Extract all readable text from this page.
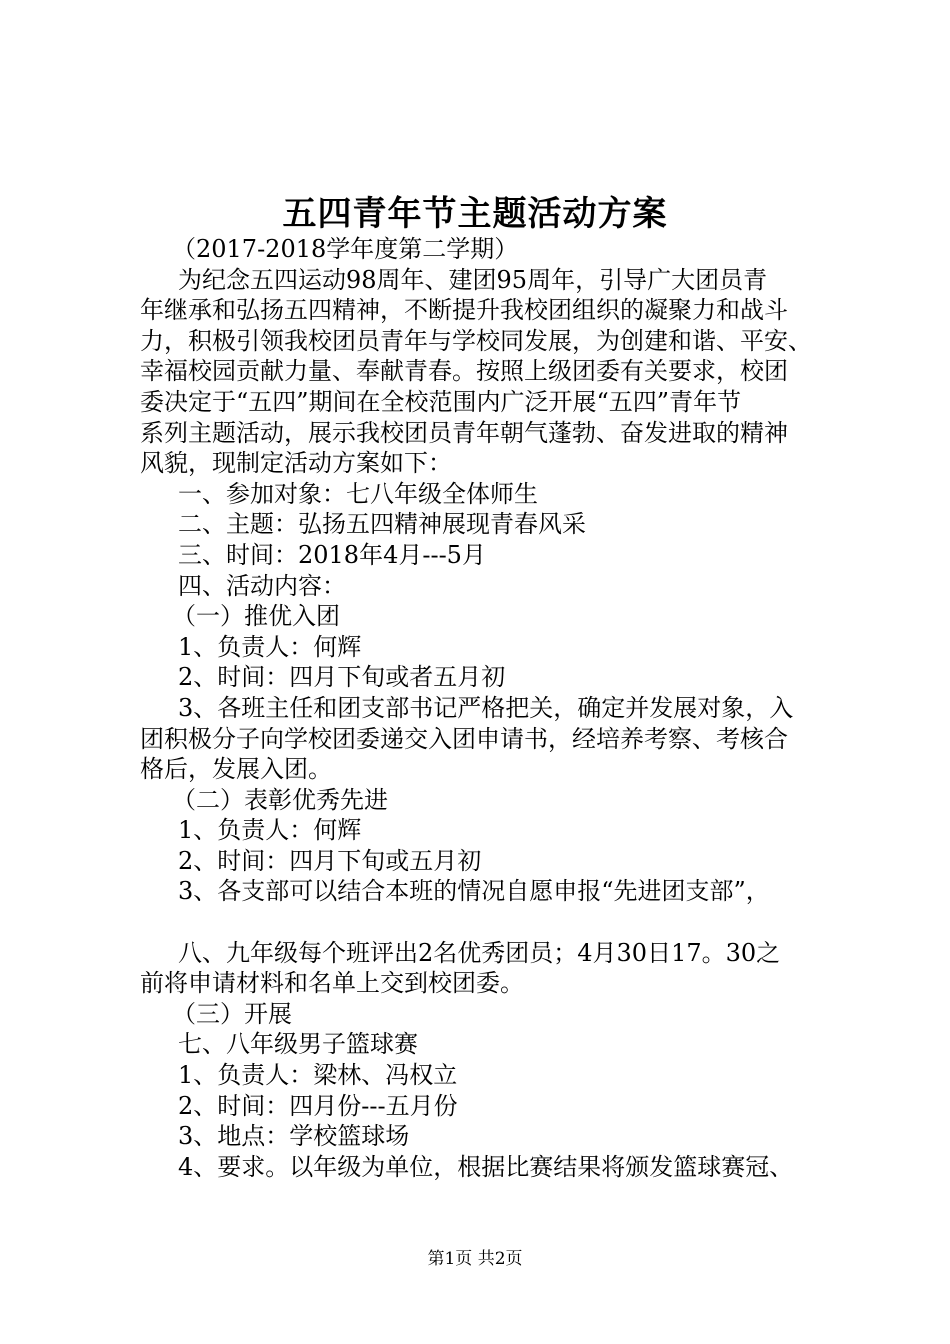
五四青年节主题活动方案
（2017-2018学年度第二学期）
为纪念五四运动98周年、建团95周年，引导广大团员青
年继承和弘扬五四精神，不断提升我校团组织的凝聚力和战斗
力，积极引领我校团员青年与学校同发展，为创建和谐、平安、
幸福校园贡献力量、奉献青春。按照上级团委有关要求，校团
委决定于“五四”期间在全校范围内广泛开展“五四”青年节
系列主题活动，展示我校团员青年朝气蓬勃、奋发进取的精神
风貌，现制定活动方案如下：
一、参加对象：七八年级全体师生
二、主题：弘扬五四精神展现青春风采
三、时间：2018年4月---5月
四、活动内容：
（一）推优入团
1、负责人：何辉
2、时间：四月下旬或者五月初
3、各班主任和团支部书记严格把关，确定并发展对象，入
团积极分子向学校团委递交入团申请书，经培养考察、考核合
格后，发展入团。
（二）表彰优秀先进
1、负责人：何辉
2、时间：四月下旬或五月初
3、各支部可以结合本班的情况自愿申报“先进团支部”，
八、九年级每个班评出2名优秀团员；4月30日17。30之
前将申请材料和名单上交到校团委。
（三）开展
七、八年级男子篮球赛
1、负责人：梁林、冯权立
2、时间：四月份---五月份
3、地点：学校篮球场
4、要求。以年级为单位，根据比赛结果将颁发篮球赛冠、
第1页 共2页
